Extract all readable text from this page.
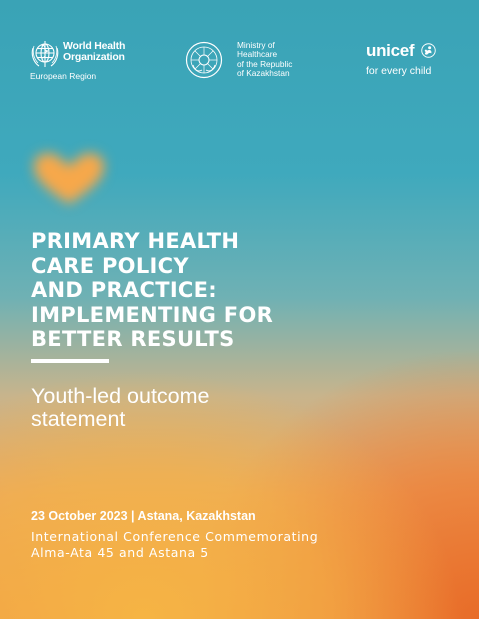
World Health
Organization
European Region
Ministry of
Healthcare
of the Republic
of Kazakhstan
unicef
for every child
PRIMARY HEALTH
CARE POLICY
AND PRACTICE:
IMPLEMENTING FOR
BETTER RESULTS
Youth-led outcome
statement
23 October 2023 | Astana, Kazakhstan
International Conference Commemorating
Alma-Ata 45 and Astana 5
